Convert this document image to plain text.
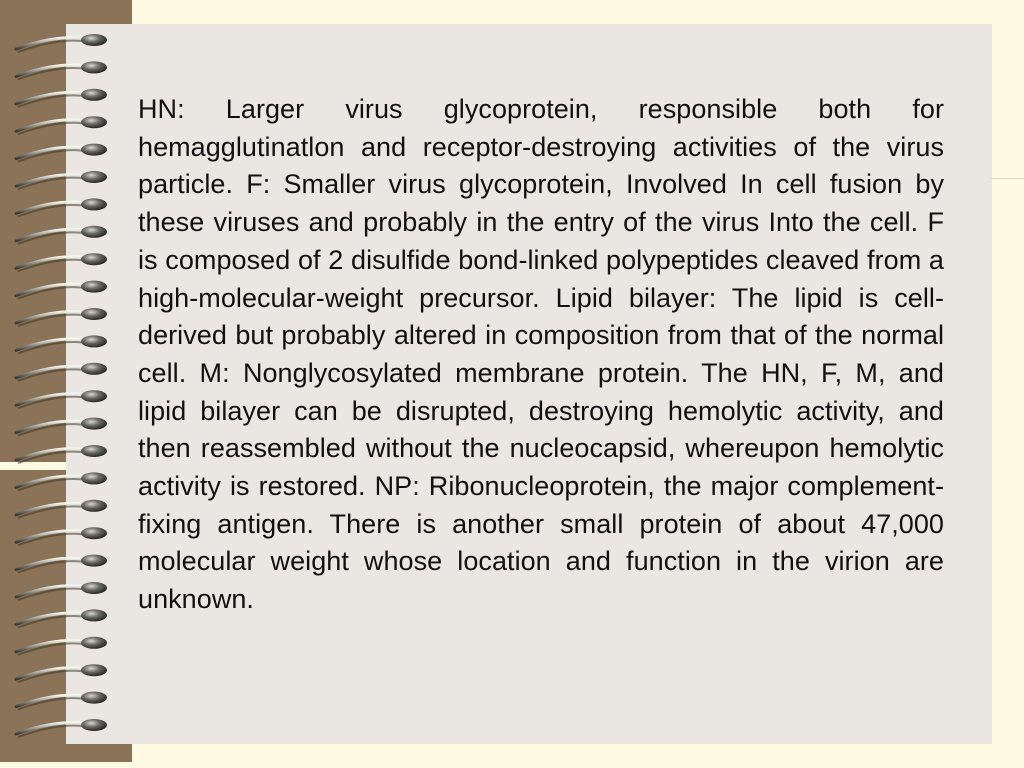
HN: Larger virus glycoprotein, responsible both for hemagglutinatlon and receptor-destroying activities of the virus particle. F: Smaller virus glycoprotein, Involved In cell fusion by these viruses and probably in the entry of the virus Into the cell. F is composed of 2 disulfide bond-linked polypeptides cleaved from a high-molecular-weight precursor. Lipid bilayer: The lipid is cell-derived but probably altered in composition from that of the normal cell. M: Nonglycosylated membrane protein. The HN, F, M, and lipid bilayer can be disrupted, destroying hemolytic activity, and then reassembled without the nucleocapsid, whereupon hemolytic activity is restored. NP: Ribonucleoprotein, the major complement-fixing antigen. There is another small protein of about 47,000 molecular weight whose location and function in the virion are unknown.
